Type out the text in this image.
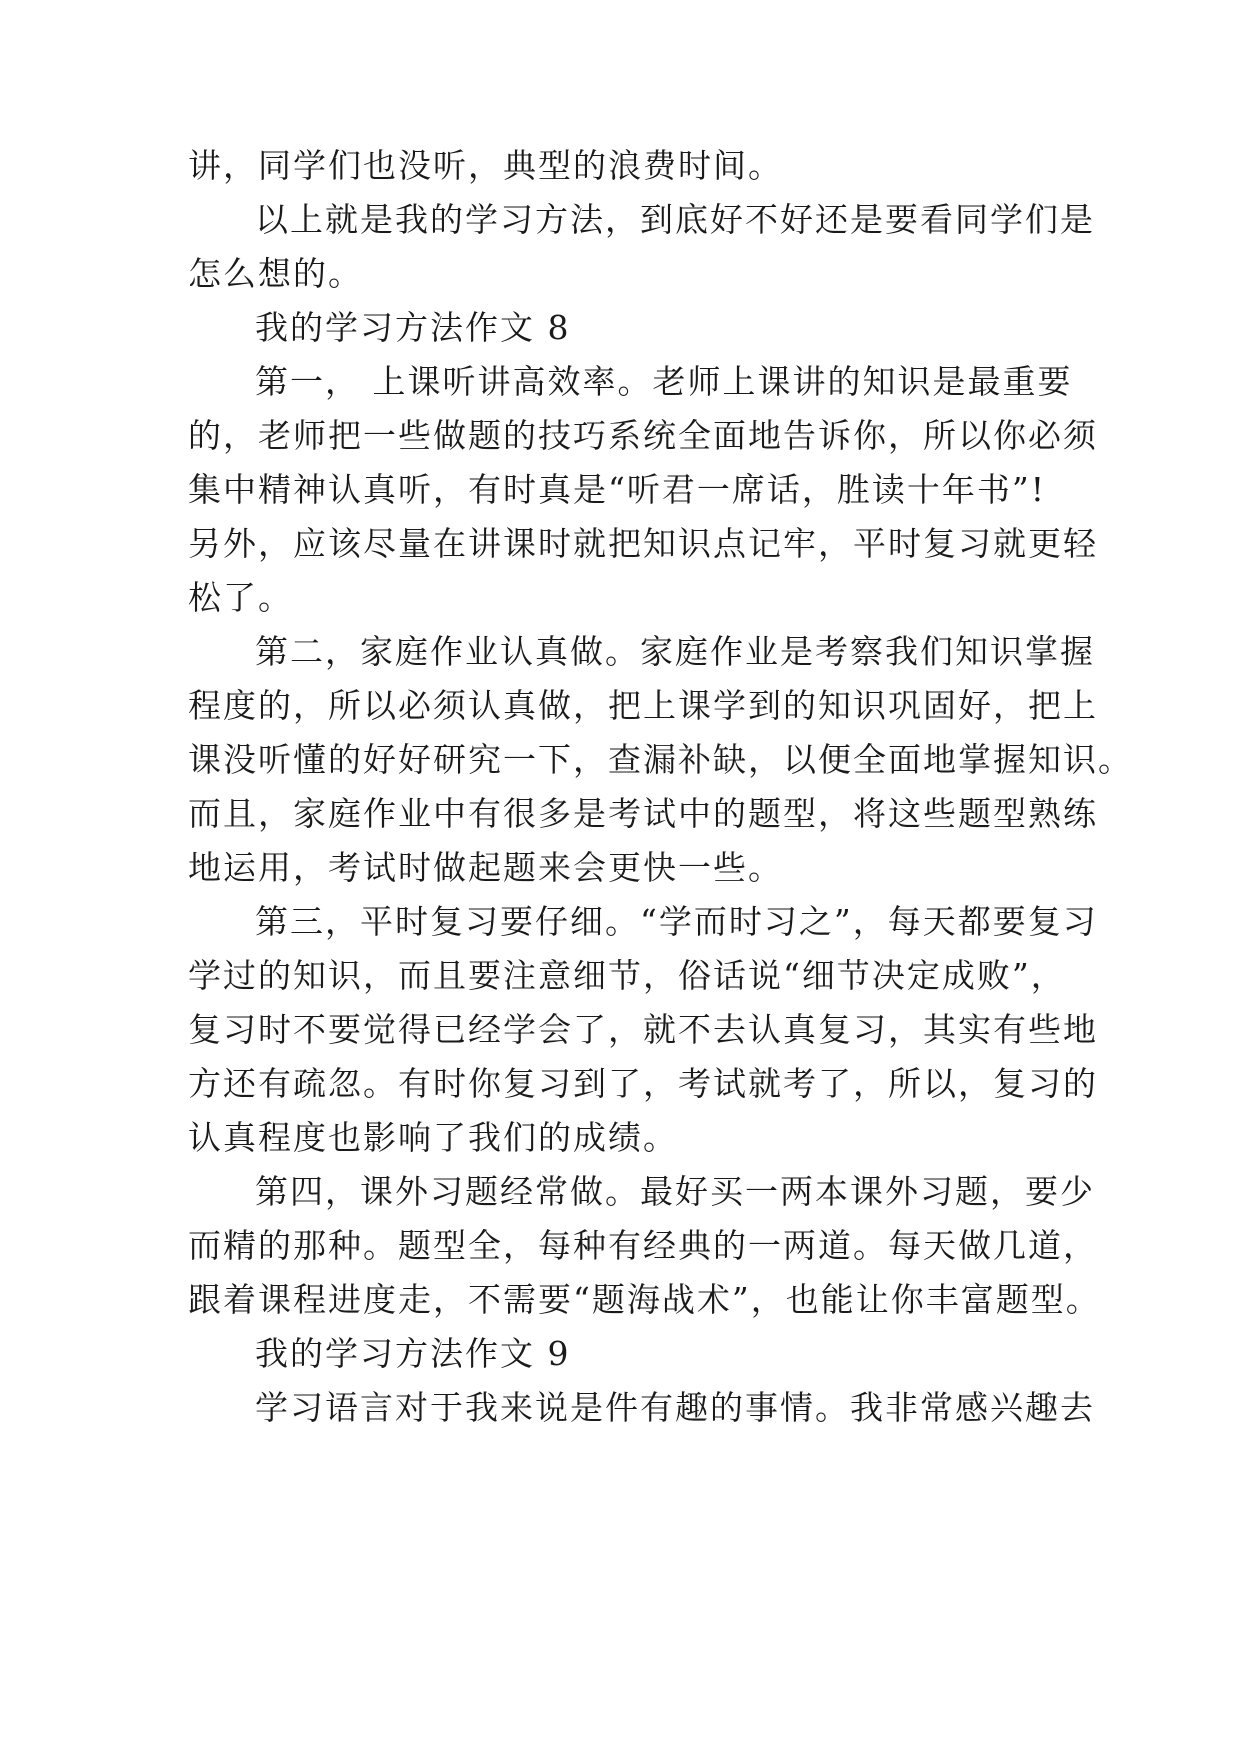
讲，同学们也没听，典型的浪费时间。
以上就是我的学习方法，到底好不好还是要看同学们是
怎么想的。
我的学习方法作文 8
第一， 上课听讲高效率。老师上课讲的知识是最重要
的，老师把一些做题的技巧系统全面地告诉你，所以你必须
集中精神认真听，有时真是“听君一席话，胜读十年书”!
另外，应该尽量在讲课时就把知识点记牢，平时复习就更轻
松了。
第二，家庭作业认真做。家庭作业是考察我们知识掌握
程度的，所以必须认真做，把上课学到的知识巩固好，把上
课没听懂的好好研究一下，查漏补缺，以便全面地掌握知识。
而且，家庭作业中有很多是考试中的题型，将这些题型熟练
地运用，考试时做起题来会更快一些。
第三，平时复习要仔细。“学而时习之”，每天都要复习
学过的知识，而且要注意细节，俗话说“细节决定成败”，
复习时不要觉得已经学会了，就不去认真复习，其实有些地
方还有疏忽。有时你复习到了，考试就考了，所以，复习的
认真程度也影响了我们的成绩。
第四，课外习题经常做。最好买一两本课外习题，要少
而精的那种。题型全，每种有经典的一两道。每天做几道，
跟着课程进度走，不需要“题海战术”，也能让你丰富题型。
我的学习方法作文 9
学习语言对于我来说是件有趣的事情。我非常感兴趣去
